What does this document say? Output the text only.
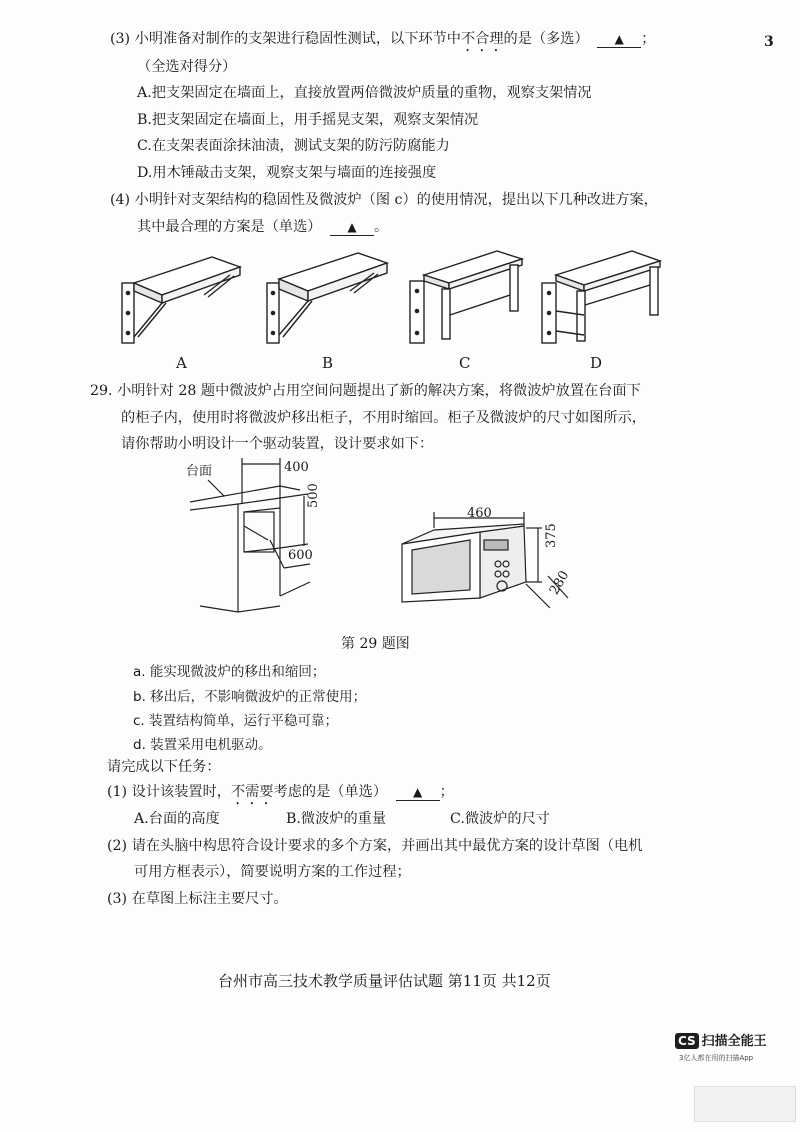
3
(3) 小明准备对制作的支架进行稳固性测试，以下环节中不合理的是（多选） ▲ ；
（全选对得分）
A.把支架固定在墙面上，直接放置两倍微波炉质量的重物，观察支架情况
B.把支架固定在墙面上，用手摇晃支架，观察支架情况
C.在支架表面涂抹油渍，测试支架的防污防腐能力
D.用木锤敲击支架，观察支架与墙面的连接强度
(4) 小明针对支架结构的稳固性及微波炉（图 c）的使用情况，提出以下几种改进方案，
其中最合理的方案是（单选） ▲ 。
A	B	C	D
29. 小明针对 28 题中微波炉占用空间问题提出了新的解决方案，将微波炉放置在台面下
的柜子内，使用时将微波炉移出柜子，不用时缩回。柜子及微波炉的尺寸如图所示，
请你帮助小明设计一个驱动装置，设计要求如下：
台面	400
500
600
460
375
280
第 29 题图
a. 能实现微波炉的移出和缩回；
b. 移出后，不影响微波炉的正常使用；
c. 装置结构简单，运行平稳可靠；
d. 装置采用电机驱动。
请完成以下任务：
(1) 设计该装置时，不需要考虑的是（单选） ▲ ；
A.台面的高度	B.微波炉的重量	C.微波炉的尺寸
(2) 请在头脑中构思符合设计要求的多个方案，并画出其中最优方案的设计草图（电机
可用方框表示），简要说明方案的工作过程；
(3) 在草图上标注主要尺寸。
台州市高三技术教学质量评估试题 第11页 共12页
CS 扫描全能王
3亿人都在用的扫描App
